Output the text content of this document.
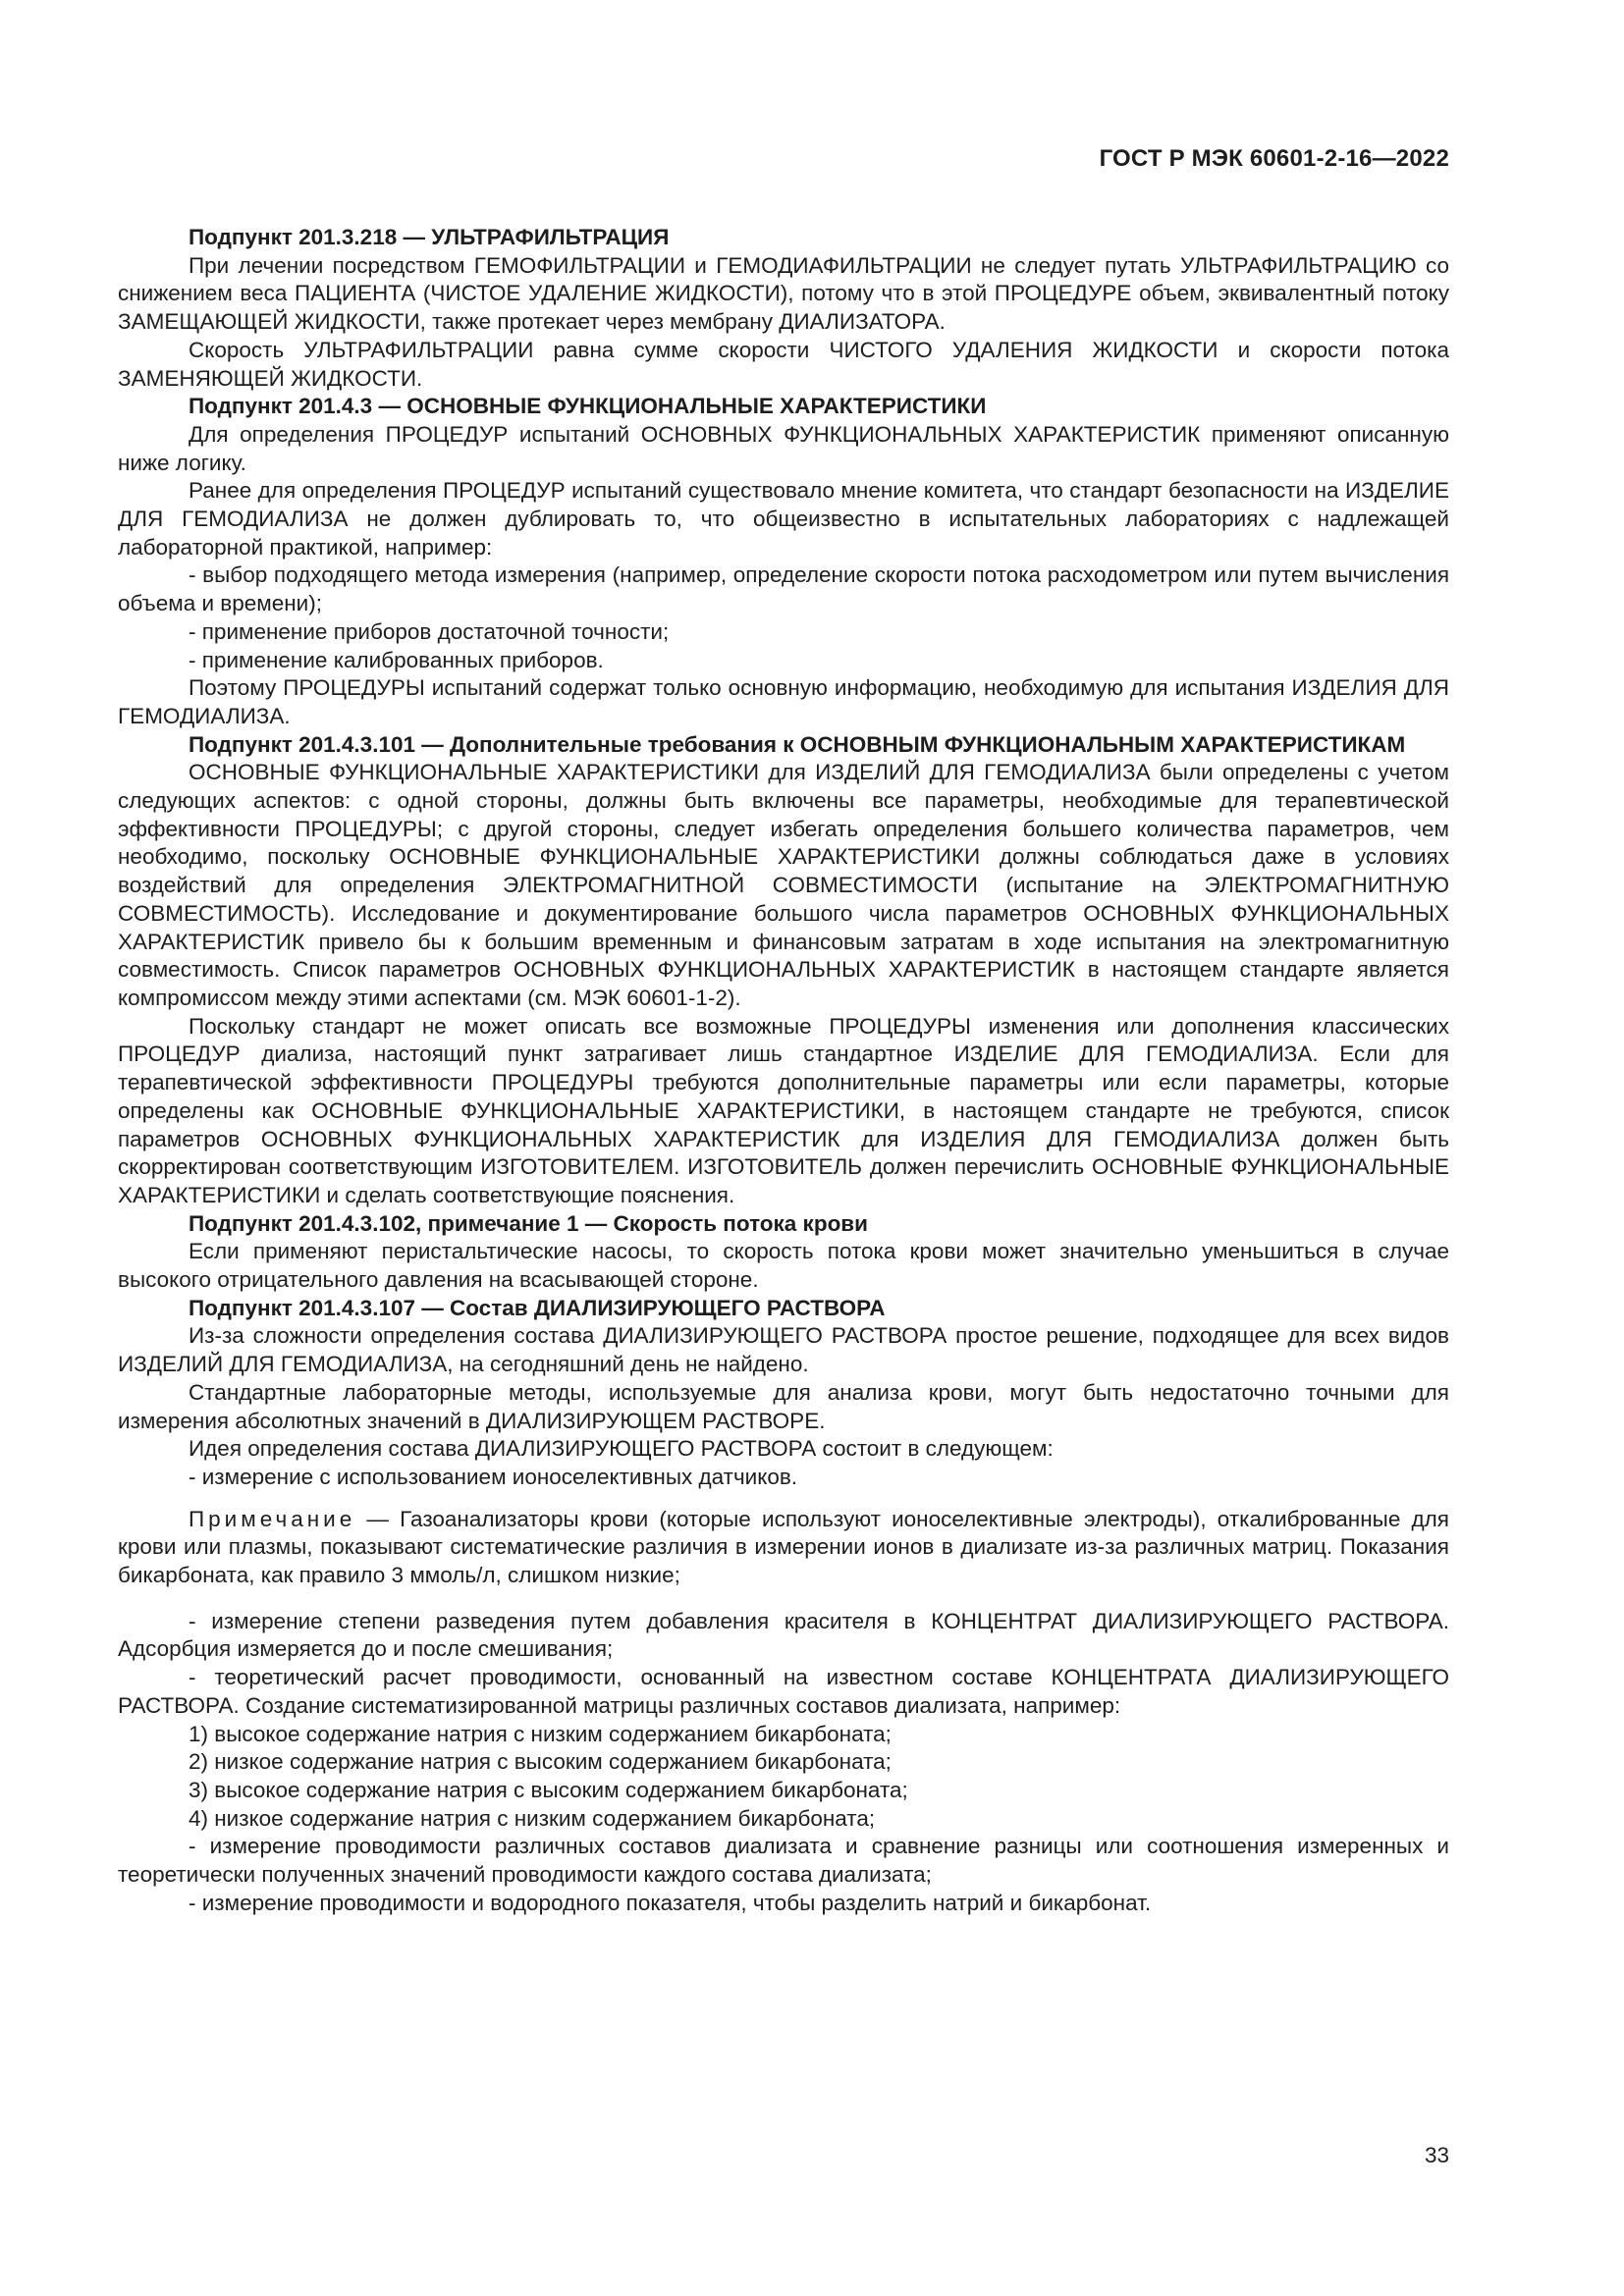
ГОСТ Р МЭК 60601-2-16—2022

Подпункт 201.3.218 — УЛЬТРАФИЛЬТРАЦИЯ

При лечении посредством ГЕМОФИЛЬТРАЦИИ и ГЕМОДИАФИЛЬТРАЦИИ не следует путать УЛЬТРАФИЛЬТРАЦИЮ со снижением веса ПАЦИЕНТА (ЧИСТОЕ УДАЛЕНИЕ ЖИДКОСТИ), потому что в этой ПРОЦЕДУРЕ объем, эквивалентный потоку ЗАМЕЩАЮЩЕЙ ЖИДКОСТИ, также протекает через мембрану ДИАЛИЗАТОРА.

Скорость УЛЬТРАФИЛЬТРАЦИИ равна сумме скорости ЧИСТОГО УДАЛЕНИЯ ЖИДКОСТИ и скорости потока ЗАМЕНЯЮЩЕЙ ЖИДКОСТИ.

Подпункт 201.4.3 — ОСНОВНЫЕ ФУНКЦИОНАЛЬНЫЕ ХАРАКТЕРИСТИКИ

Для определения ПРОЦЕДУР испытаний ОСНОВНЫХ ФУНКЦИОНАЛЬНЫХ ХАРАКТЕРИСТИК применяют описанную ниже логику.

Ранее для определения ПРОЦЕДУР испытаний существовало мнение комитета, что стандарт безопасности на ИЗДЕЛИЕ ДЛЯ ГЕМОДИАЛИЗА не должен дублировать то, что общеизвестно в испытательных лабораториях с надлежащей лабораторной практикой, например:

- выбор подходящего метода измерения (например, определение скорости потока расходометром или путем вычисления объема и времени);

- применение приборов достаточной точности;

- применение калиброванных приборов.

Поэтому ПРОЦЕДУРЫ испытаний содержат только основную информацию, необходимую для испытания ИЗДЕЛИЯ ДЛЯ ГЕМОДИАЛИЗА.

Подпункт 201.4.3.101 — Дополнительные требования к ОСНОВНЫМ ФУНКЦИОНАЛЬНЫМ ХАРАКТЕРИСТИКАМ

ОСНОВНЫЕ ФУНКЦИОНАЛЬНЫЕ ХАРАКТЕРИСТИКИ для ИЗДЕЛИЙ ДЛЯ ГЕМОДИАЛИЗА были определены с учетом следующих аспектов: с одной стороны, должны быть включены все параметры, необходимые для терапевтической эффективности ПРОЦЕДУРЫ; с другой стороны, следует избегать определения большего количества параметров, чем необходимо, поскольку ОСНОВНЫЕ ФУНКЦИОНАЛЬНЫЕ ХАРАКТЕРИСТИКИ должны соблюдаться даже в условиях воздействий для определения ЭЛЕКТРОМАГНИТНОЙ СОВМЕСТИМОСТИ (испытание на ЭЛЕКТРОМАГНИТНУЮ СОВМЕСТИМОСТЬ). Исследование и документирование большого числа параметров ОСНОВНЫХ ФУНКЦИОНАЛЬНЫХ ХАРАКТЕРИСТИК привело бы к большим временным и финансовым затратам в ходе испытания на электромагнитную совместимость. Список параметров ОСНОВНЫХ ФУНКЦИОНАЛЬНЫХ ХАРАКТЕРИСТИК в настоящем стандарте является компромиссом между этими аспектами (см. МЭК 60601-1-2).

Поскольку стандарт не может описать все возможные ПРОЦЕДУРЫ изменения или дополнения классических ПРОЦЕДУР диализа, настоящий пункт затрагивает лишь стандартное ИЗДЕЛИЕ ДЛЯ ГЕМОДИАЛИЗА. Если для терапевтической эффективности ПРОЦЕДУРЫ требуются дополнительные параметры или если параметры, которые определены как ОСНОВНЫЕ ФУНКЦИОНАЛЬНЫЕ ХАРАКТЕРИСТИКИ, в настоящем стандарте не требуются, список параметров ОСНОВНЫХ ФУНКЦИОНАЛЬНЫХ ХАРАКТЕРИСТИК для ИЗДЕЛИЯ ДЛЯ ГЕМОДИАЛИЗА должен быть скорректирован соответствующим ИЗГОТОВИТЕЛЕМ. ИЗГОТОВИТЕЛЬ должен перечислить ОСНОВНЫЕ ФУНКЦИОНАЛЬНЫЕ ХАРАКТЕРИСТИКИ и сделать соответствующие пояснения.

Подпункт 201.4.3.102, примечание 1 — Скорость потока крови

Если применяют перистальтические насосы, то скорость потока крови может значительно уменьшиться в случае высокого отрицательного давления на всасывающей стороне.

Подпункт 201.4.3.107 — Состав ДИАЛИЗИРУЮЩЕГО РАСТВОРА

Из-за сложности определения состава ДИАЛИЗИРУЮЩЕГО РАСТВОРА простое решение, подходящее для всех видов ИЗДЕЛИЙ ДЛЯ ГЕМОДИАЛИЗА, на сегодняшний день не найдено.

Стандартные лабораторные методы, используемые для анализа крови, могут быть недостаточно точными для измерения абсолютных значений в ДИАЛИЗИРУЮЩЕМ РАСТВОРЕ.

Идея определения состава ДИАЛИЗИРУЮЩЕГО РАСТВОРА состоит в следующем:

- измерение с использованием ионоселективных датчиков.

Примечание — Газоанализаторы крови (которые используют ионоселективные электроды), откалиброванные для крови или плазмы, показывают систематические различия в измерении ионов в диализате из-за различных матриц. Показания бикарбоната, как правило 3 ммоль/л, слишком низкие;

- измерение степени разведения путем добавления красителя в КОНЦЕНТРАТ ДИАЛИЗИРУЮЩЕГО РАСТВОРА. Адсорбция измеряется до и после смешивания;

- теоретический расчет проводимости, основанный на известном составе КОНЦЕНТРАТА ДИАЛИЗИРУЮЩЕГО РАСТВОРА. Создание систематизированной матрицы различных составов диализата, например:

1) высокое содержание натрия с низким содержанием бикарбоната;

2) низкое содержание натрия с высоким содержанием бикарбоната;

3) высокое содержание натрия с высоким содержанием бикарбоната;

4) низкое содержание натрия с низким содержанием бикарбоната;

- измерение проводимости различных составов диализата и сравнение разницы или соотношения измеренных и теоретически полученных значений проводимости каждого состава диализата;

- измерение проводимости и водородного показателя, чтобы разделить натрий и бикарбонат.

33
